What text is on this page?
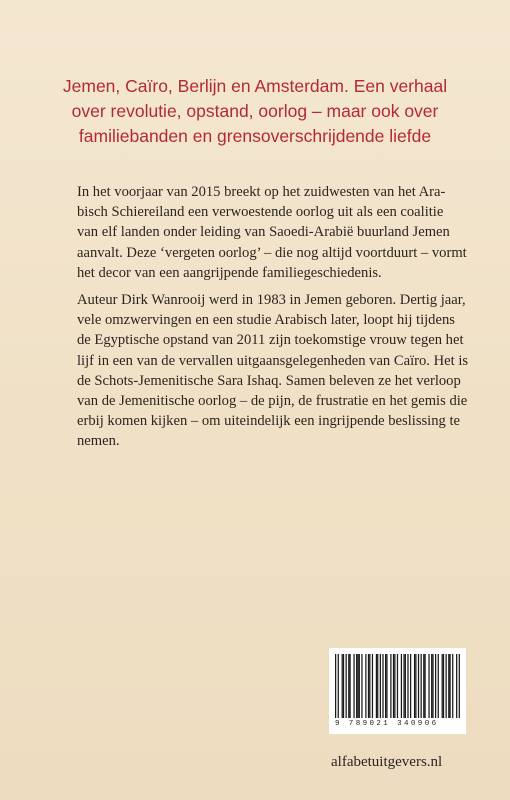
Jemen, Caïro, Berlijn en Amsterdam. Een verhaal
over revolutie, opstand, oorlog – maar ook over
familiebanden en grensoverschrijdende liefde
In het voorjaar van 2015 breekt op het zuidwesten van het Ara-
bisch Schiereiland een verwoestende oorlog uit als een coalitie
van elf landen onder leiding van Saoedi-Arabië buurland Jemen
aanvalt. Deze ‘vergeten oorlog’ – die nog altijd voortduurt – vormt
het decor van een aangrijpende familiegeschiedenis.
Auteur Dirk Wanrooij werd in 1983 in Jemen geboren. Dertig jaar,
vele omzwervingen en een studie Arabisch later, loopt hij tijdens
de Egyptische opstand van 2011 zijn toekomstige vrouw tegen het
lijf in een van de vervallen uitgaansgelegenheden van Caïro. Het is
de Schots-Jemenitische Sara Ishaq. Samen beleven ze het verloop
van de Jemenitische oorlog – de pijn, de frustratie en het gemis die
erbij komen kijken – om uiteindelijk een ingrijpende beslissing te
nemen.
9 789021 340906
alfabetuitgevers.nl
